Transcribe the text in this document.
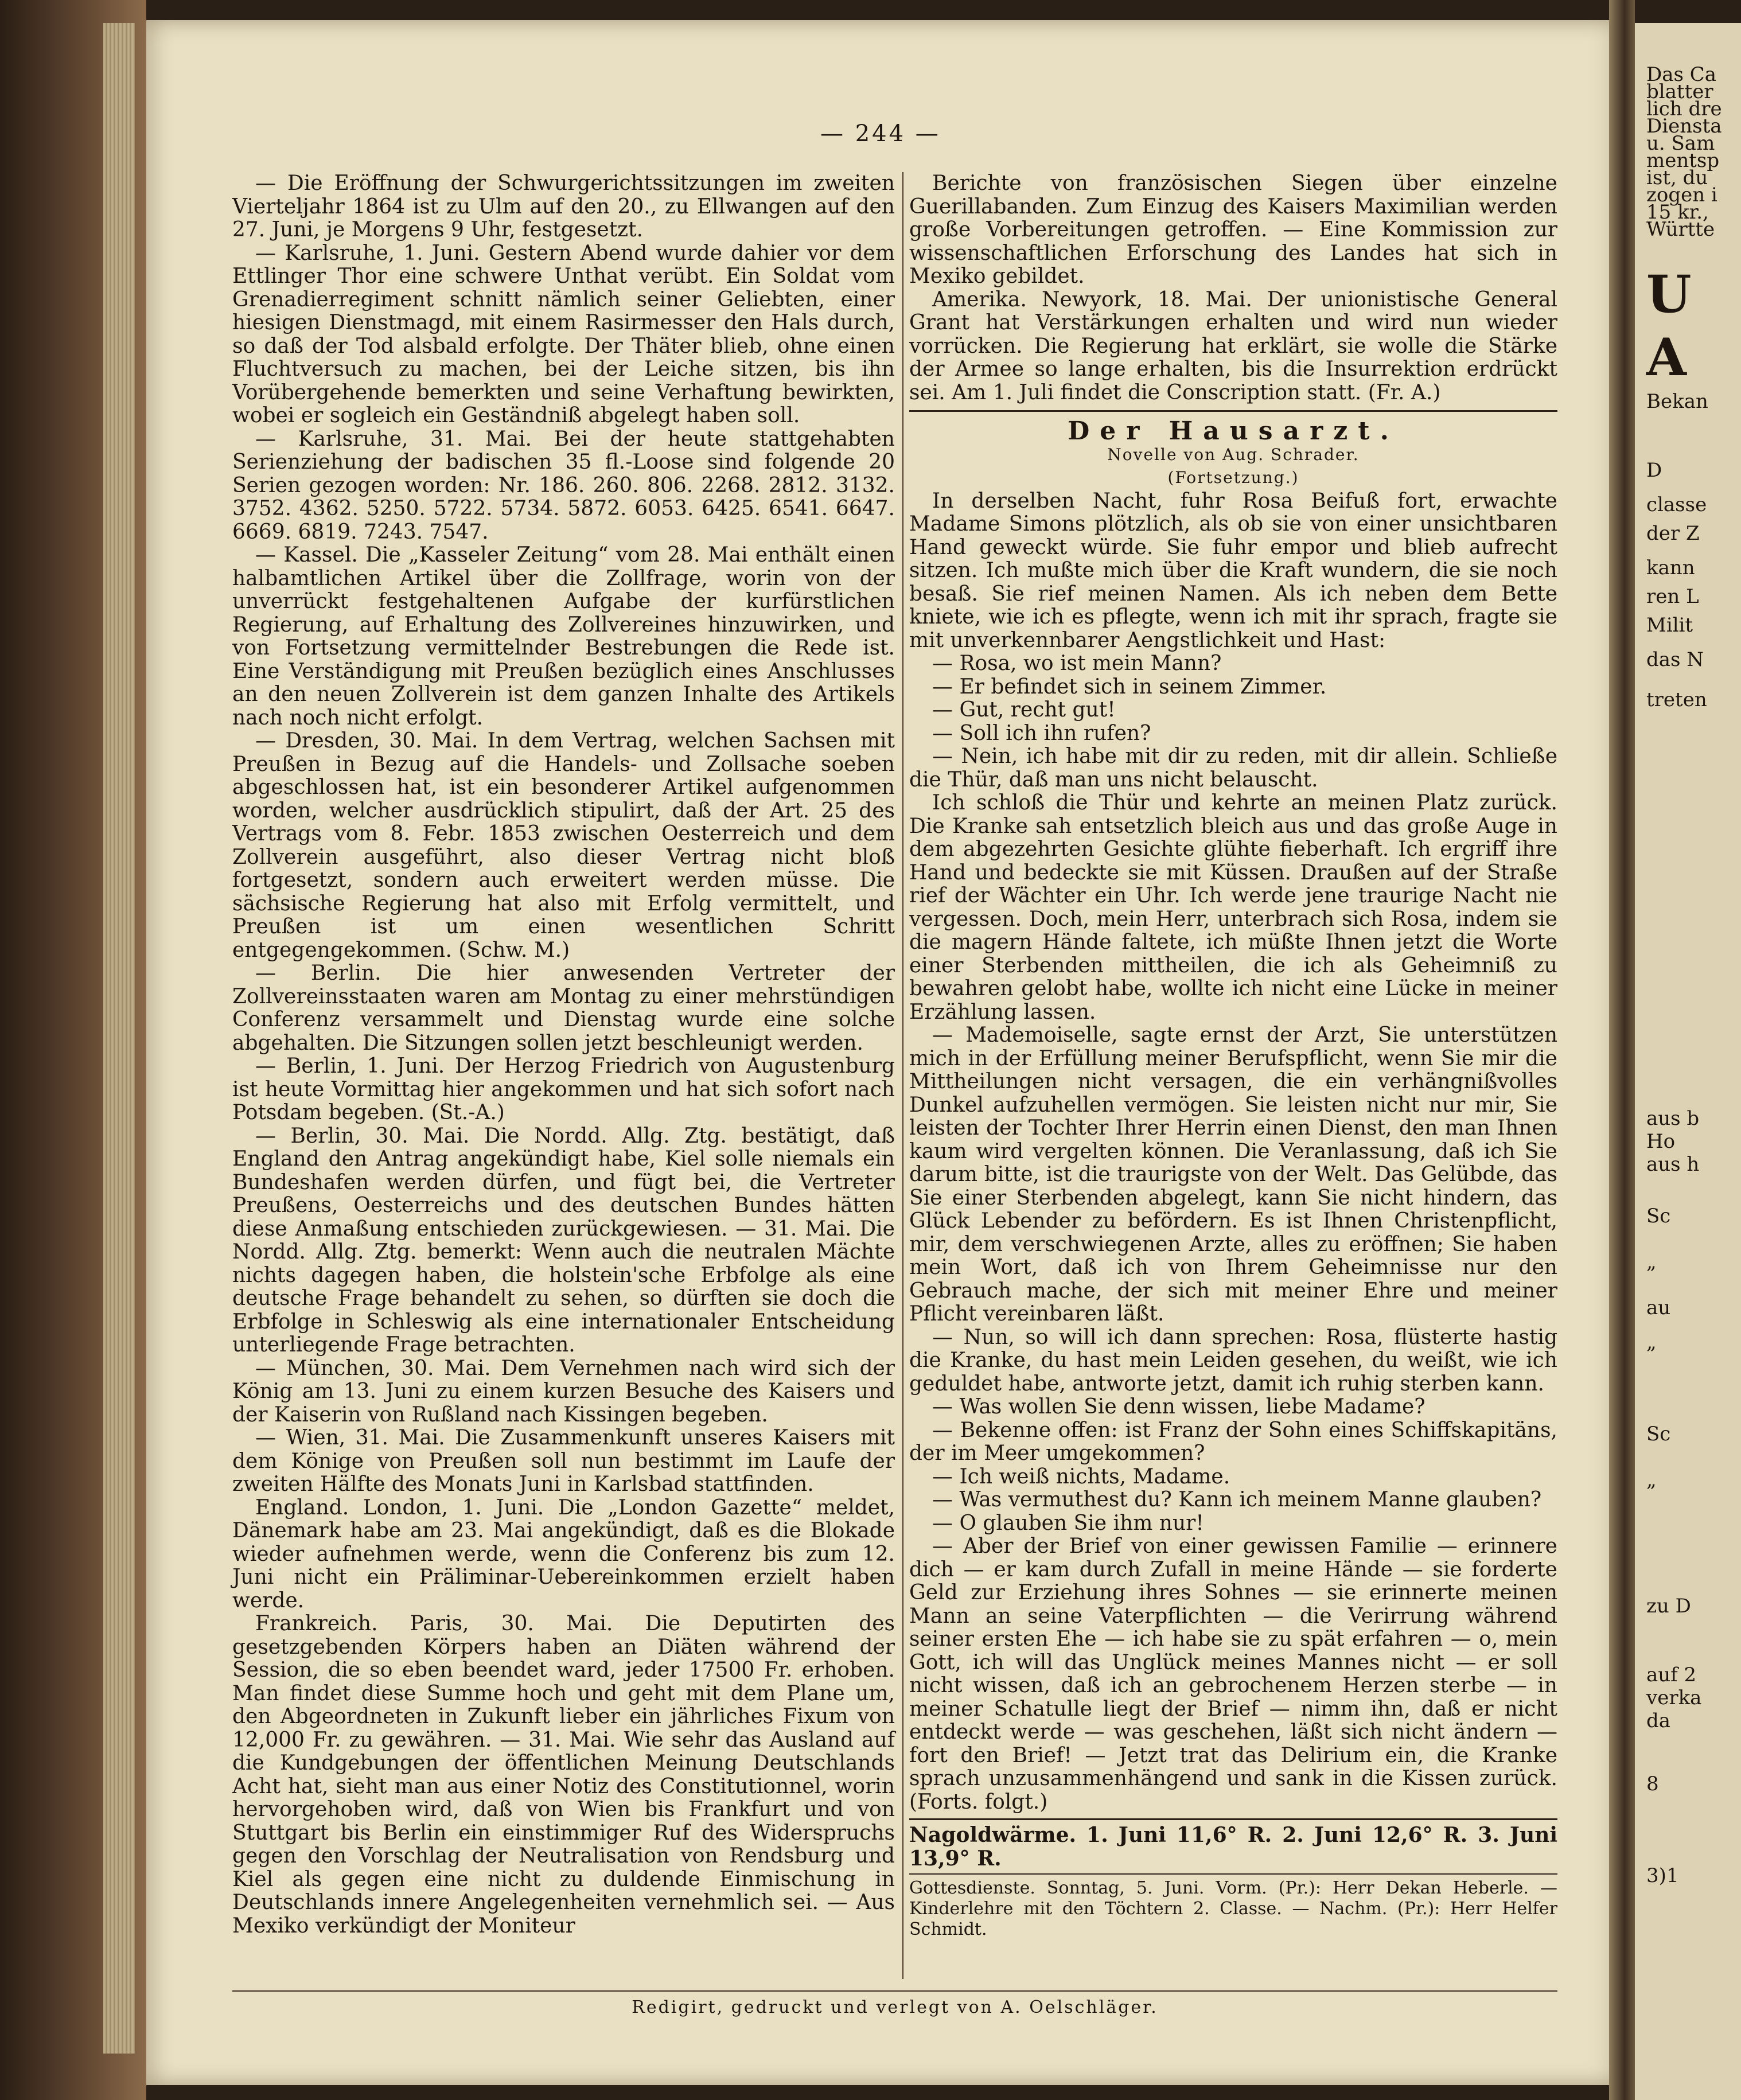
Das Ca
blatter
lich dre
Diensta
u. Sam
mentsp
ist, du
zogen i
15 kr.,
Württe
U
A
Bekan
D
classe
der Z
kann
ren L
Milit
das N
treten
aus b
Ho
aus h
Sc
„
au
„
Sc
„
zu D
auf 2
verka
da
8
3)1
— 244 —

— Die Eröffnung der Schwurgerichtssitzungen im zweiten Vierteljahr 1864 ist zu Ulm auf den 20., zu Ellwangen auf den 27. Juni, je Morgens 9 Uhr, festgesetzt.

— Karlsruhe, 1. Juni. Gestern Abend wurde dahier vor dem Ettlinger Thor eine schwere Unthat verübt. Ein Soldat vom Grenadierregiment schnitt nämlich seiner Geliebten, einer hiesigen Dienstmagd, mit einem Rasirmesser den Hals durch, so daß der Tod alsbald erfolgte. Der Thäter blieb, ohne einen Fluchtversuch zu machen, bei der Leiche sitzen, bis ihn Vorübergehende bemerkten und seine Verhaftung bewirkten, wobei er sogleich ein Geständniß abgelegt haben soll.

— Karlsruhe, 31. Mai. Bei der heute stattgehabten Serienziehung der badischen 35 fl.-Loose sind folgende 20 Serien gezogen worden: Nr. 186. 260. 806. 2268. 2812. 3132. 3752. 4362. 5250. 5722. 5734. 5872. 6053. 6425. 6541. 6647. 6669. 6819. 7243. 7547.

— Kassel. Die „Kasseler Zeitung“ vom 28. Mai enthält einen halbamtlichen Artikel über die Zollfrage, worin von der unverrückt festgehaltenen Aufgabe der kurfürstlichen Regierung, auf Erhaltung des Zollvereines hinzuwirken, und von Fortsetzung vermittelnder Bestrebungen die Rede ist. Eine Verständigung mit Preußen bezüglich eines Anschlusses an den neuen Zollverein ist dem ganzen Inhalte des Artikels nach noch nicht erfolgt.

— Dresden, 30. Mai. In dem Vertrag, welchen Sachsen mit Preußen in Bezug auf die Handels- und Zollsache soeben abgeschlossen hat, ist ein besonderer Artikel aufgenommen worden, welcher ausdrücklich stipulirt, daß der Art. 25 des Vertrags vom 8. Febr. 1853 zwischen Oesterreich und dem Zollverein ausgeführt, also dieser Vertrag nicht bloß fortgesetzt, sondern auch erweitert werden müsse. Die sächsische Regierung hat also mit Erfolg vermittelt, und Preußen ist um einen wesentlichen Schritt entgegengekommen. (Schw. M.)

— Berlin. Die hier anwesenden Vertreter der Zollvereinsstaaten waren am Montag zu einer mehrstündigen Conferenz versammelt und Dienstag wurde eine solche abgehalten. Die Sitzungen sollen jetzt beschleunigt werden.

— Berlin, 1. Juni. Der Herzog Friedrich von Augustenburg ist heute Vormittag hier angekommen und hat sich sofort nach Potsdam begeben. (St.-A.)

— Berlin, 30. Mai. Die Nordd. Allg. Ztg. bestätigt, daß England den Antrag angekündigt habe, Kiel solle niemals ein Bundeshafen werden dürfen, und fügt bei, die Vertreter Preußens, Oesterreichs und des deutschen Bundes hätten diese Anmaßung entschieden zurückgewiesen. — 31. Mai. Die Nordd. Allg. Ztg. bemerkt: Wenn auch die neutralen Mächte nichts dagegen haben, die holstein'sche Erbfolge als eine deutsche Frage behandelt zu sehen, so dürften sie doch die Erbfolge in Schleswig als eine internationaler Entscheidung unterliegende Frage betrachten.

— München, 30. Mai. Dem Vernehmen nach wird sich der König am 13. Juni zu einem kurzen Besuche des Kaisers und der Kaiserin von Rußland nach Kissingen begeben.

— Wien, 31. Mai. Die Zusammenkunft unseres Kaisers mit dem Könige von Preußen soll nun bestimmt im Laufe der zweiten Hälfte des Monats Juni in Karlsbad stattfinden.

England. London, 1. Juni. Die „London Gazette“ meldet, Dänemark habe am 23. Mai angekündigt, daß es die Blokade wieder aufnehmen werde, wenn die Conferenz bis zum 12. Juni nicht ein Präliminar-Uebereinkommen erzielt haben werde.

Frankreich. Paris, 30. Mai. Die Deputirten des gesetzgebenden Körpers haben an Diäten während der Session, die so eben beendet ward, jeder 17500 Fr. erhoben. Man findet diese Summe hoch und geht mit dem Plane um, den Abgeordneten in Zukunft lieber ein jährliches Fixum von 12,000 Fr. zu gewähren. — 31. Mai. Wie sehr das Ausland auf die Kundgebungen der öffentlichen Meinung Deutschlands Acht hat, sieht man aus einer Notiz des Constitutionnel, worin hervorgehoben wird, daß von Wien bis Frankfurt und von Stuttgart bis Berlin ein einstimmiger Ruf des Widerspruchs gegen den Vorschlag der Neutralisation von Rendsburg und Kiel als gegen eine nicht zu duldende Einmischung in Deutschlands innere Angelegenheiten vernehmlich sei. — Aus Mexiko verkündigt der Moniteur

Berichte von französischen Siegen über einzelne Guerillabanden. Zum Einzug des Kaisers Maximilian werden große Vorbereitungen getroffen. — Eine Kommission zur wissenschaftlichen Erforschung des Landes hat sich in Mexiko gebildet.

Amerika. Newyork, 18. Mai. Der unionistische General Grant hat Verstärkungen erhalten und wird nun wieder vorrücken. Die Regierung hat erklärt, sie wolle die Stärke der Armee so lange erhalten, bis die Insurrektion erdrückt sei. Am 1. Juli findet die Conscription statt. (Fr. A.)

Der Hausarzt.
Novelle von Aug. Schrader.
(Fortsetzung.)

In derselben Nacht, fuhr Rosa Beifuß fort, erwachte Madame Simons plötzlich, als ob sie von einer unsichtbaren Hand geweckt würde. Sie fuhr empor und blieb aufrecht sitzen. Ich mußte mich über die Kraft wundern, die sie noch besaß. Sie rief meinen Namen. Als ich neben dem Bette kniete, wie ich es pflegte, wenn ich mit ihr sprach, fragte sie mit unverkennbarer Aengstlichkeit und Hast:

— Rosa, wo ist mein Mann?

— Er befindet sich in seinem Zimmer.

— Gut, recht gut!

— Soll ich ihn rufen?

— Nein, ich habe mit dir zu reden, mit dir allein. Schließe die Thür, daß man uns nicht belauscht.

Ich schloß die Thür und kehrte an meinen Platz zurück. Die Kranke sah entsetzlich bleich aus und das große Auge in dem abgezehrten Gesichte glühte fieberhaft. Ich ergriff ihre Hand und bedeckte sie mit Küssen. Draußen auf der Straße rief der Wächter ein Uhr. Ich werde jene traurige Nacht nie vergessen. Doch, mein Herr, unterbrach sich Rosa, indem sie die magern Hände faltete, ich müßte Ihnen jetzt die Worte einer Sterbenden mittheilen, die ich als Geheimniß zu bewahren gelobt habe, wollte ich nicht eine Lücke in meiner Erzählung lassen.

— Mademoiselle, sagte ernst der Arzt, Sie unterstützen mich in der Erfüllung meiner Berufspflicht, wenn Sie mir die Mittheilungen nicht versagen, die ein verhängnißvolles Dunkel aufzuhellen vermögen. Sie leisten nicht nur mir, Sie leisten der Tochter Ihrer Herrin einen Dienst, den man Ihnen kaum wird vergelten können. Die Veranlassung, daß ich Sie darum bitte, ist die traurigste von der Welt. Das Gelübde, das Sie einer Sterbenden abgelegt, kann Sie nicht hindern, das Glück Lebender zu befördern. Es ist Ihnen Christenpflicht, mir, dem verschwiegenen Arzte, alles zu eröffnen; Sie haben mein Wort, daß ich von Ihrem Geheimnisse nur den Gebrauch mache, der sich mit meiner Ehre und meiner Pflicht vereinbaren läßt.

— Nun, so will ich dann sprechen: Rosa, flüsterte hastig die Kranke, du hast mein Leiden gesehen, du weißt, wie ich geduldet habe, antworte jetzt, damit ich ruhig sterben kann.

— Was wollen Sie denn wissen, liebe Madame?

— Bekenne offen: ist Franz der Sohn eines Schiffskapitäns, der im Meer umgekommen?

— Ich weiß nichts, Madame.

— Was vermuthest du? Kann ich meinem Manne glauben?

— O glauben Sie ihm nur!

— Aber der Brief von einer gewissen Familie — erinnere dich — er kam durch Zufall in meine Hände — sie forderte Geld zur Erziehung ihres Sohnes — sie erinnerte meinen Mann an seine Vaterpflichten — die Verirrung während seiner ersten Ehe — ich habe sie zu spät erfahren — o, mein Gott, ich will das Unglück meines Mannes nicht — er soll nicht wissen, daß ich an gebrochenem Herzen sterbe — in meiner Schatulle liegt der Brief — nimm ihn, daß er nicht entdeckt werde — was geschehen, läßt sich nicht ändern — fort den Brief! — Jetzt trat das Delirium ein, die Kranke sprach unzusammenhängend und sank in die Kissen zurück. (Forts. folgt.)

Nagoldwärme. 1. Juni 11,6° R. 2. Juni 12,6° R. 3. Juni 13,9° R.

Gottesdienste. Sonntag, 5. Juni. Vorm. (Pr.): Herr Dekan Heberle. — Kinderlehre mit den Töchtern 2. Classe. — Nachm. (Pr.): Herr Helfer Schmidt.

Redigirt, gedruckt und verlegt von A. Oelschläger.
